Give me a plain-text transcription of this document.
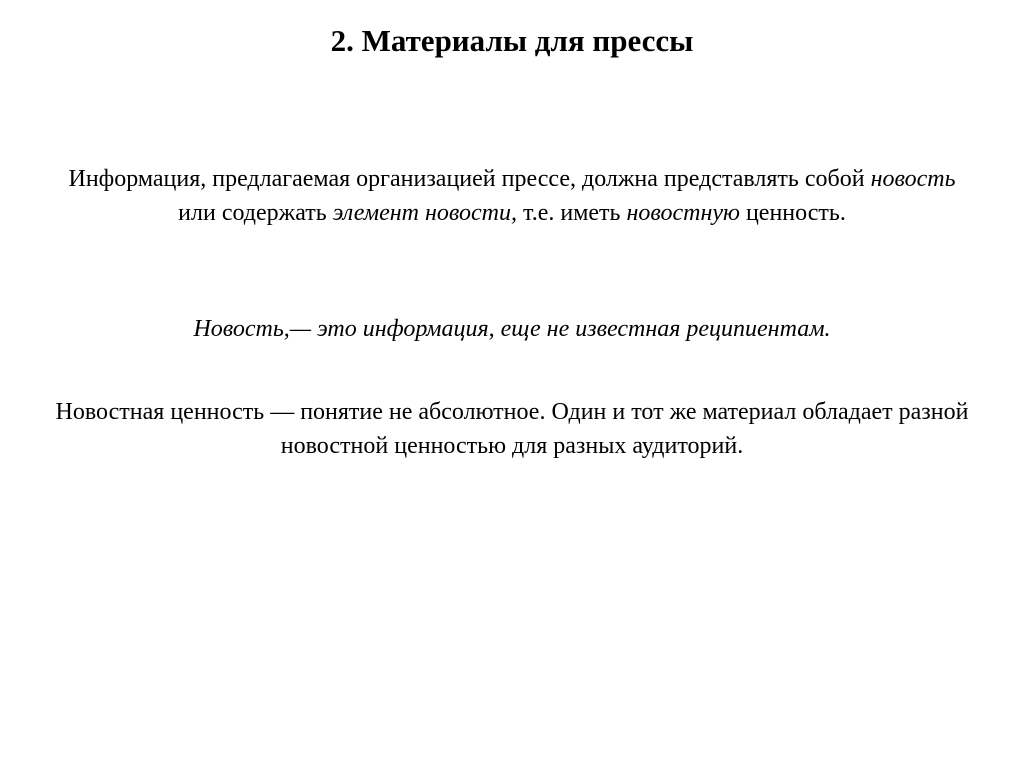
2. Материалы для прессы
Информация, предлагаемая организацией прессе, должна представлять собой новость или содержать элемент новости, т.е. иметь новостную ценность.
Новость,— это информация, еще не известная реципиентам.
Новостная ценность — понятие не абсолютное. Один и тот же материал обладает разной новостной ценностью для разных аудиторий.
